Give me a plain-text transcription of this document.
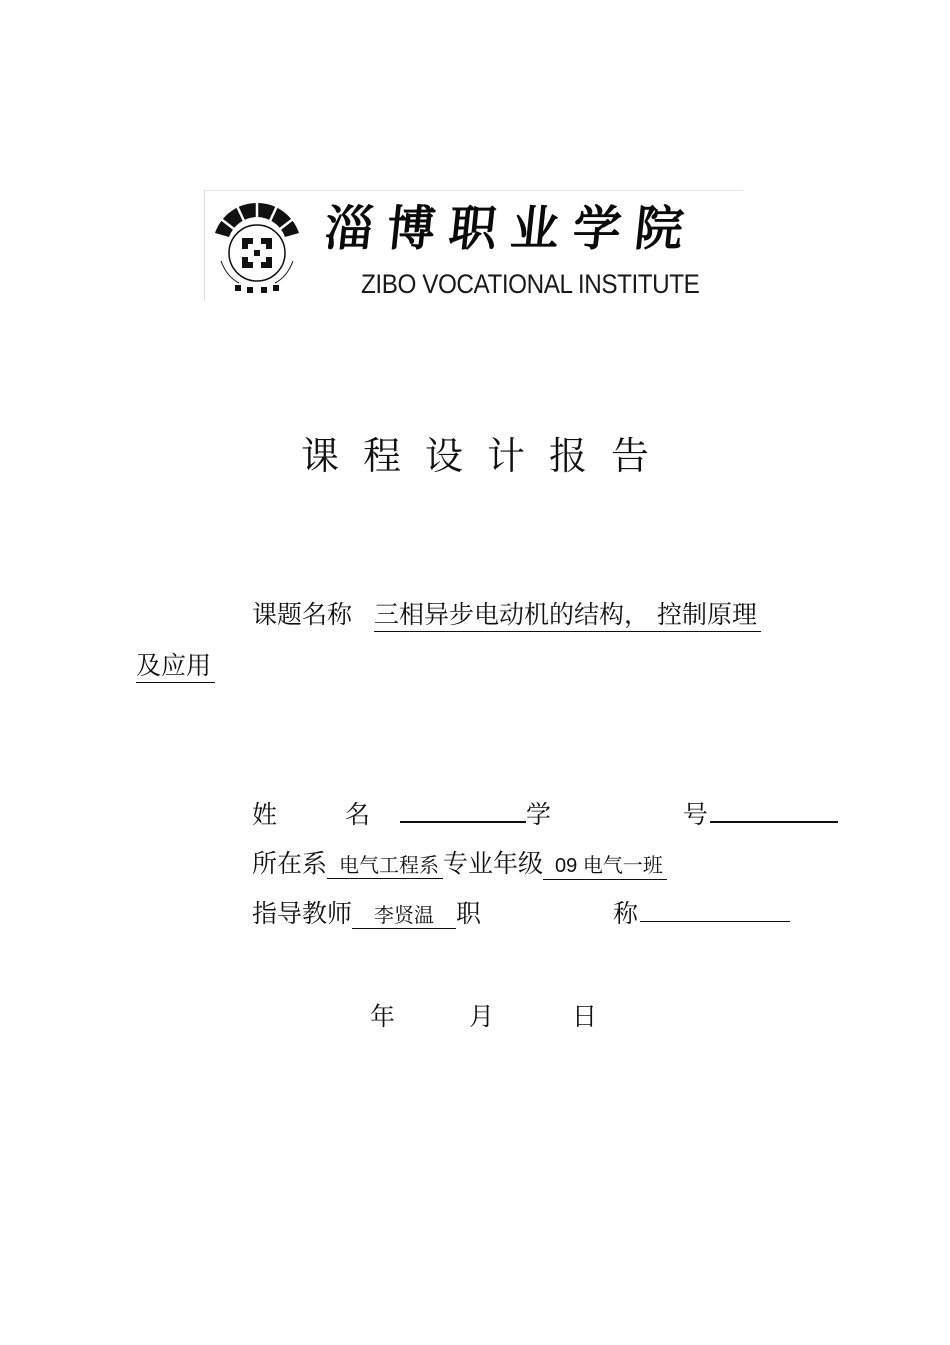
淄博职业学院
ZIBO VOCATIONAL INSTITUTE
课程设计报告
课题名称 三相异步电动机的结构， 控制原理
及应用
姓 名	学 号
所在系 电气工程系 专业年级 09 电气一班
指导教师 李贤温 职 称
年	月	日
